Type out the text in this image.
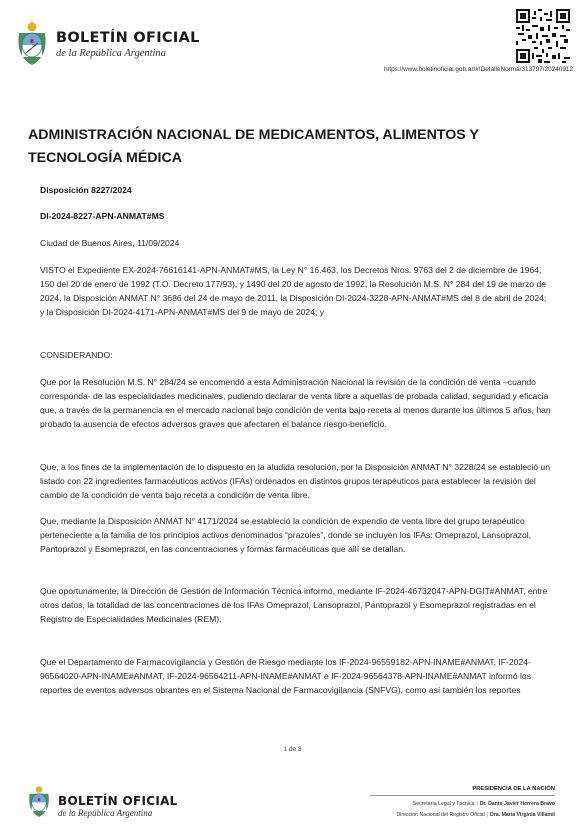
BOLETÍN OFICIAL
de la República Argentina
https://www.boletinoficial.gob.ar/#!DetalleNorma/313797/20240912
ADMINISTRACIÓN NACIONAL DE MEDICAMENTOS, ALIMENTOS Y TECNOLOGÍA MÉDICA
Disposición 8227/2024
DI-2024-8227-APN-ANMAT#MS
Ciudad de Buenos Aires, 11/09/2024
VISTO el Expediente EX-2024-76616141-APN-ANMAT#MS, la Ley N° 16.463, los Decretos Nros. 9763 del 2 de diciembre de 1964, 150 del 20 de enero de 1992 (T.O. Decreto 177/93), y 1490 del 20 de agosto de 1992, la Resolución M.S. N° 284 del 19 de marzo de 2024, la Disposición ANMAT N° 3686 del 24 de mayo de 2011, la Disposición DI-2024-3228-APN-ANMAT#MS del 8 de abril de 2024; y la Disposición DI-2024-4171-APN-ANMAT#MS del 9 de mayo de 2024; y
CONSIDERANDO:
Que por la Resolución M.S. N° 284/24 se encomendó a esta Administración Nacional la revisión de la condición de venta –cuando corresponda- de las especialidades medicinales, pudiendo declarar de venta libre a aquellas de probada calidad, seguridad y eficacia que, a través de la permanencia en el mercado nacional bajo condición de venta bajo receta al menos durante los últimos 5 años, han probado la ausencia de efectos adversos graves que afectaren el balance riesgo-beneficio.
Que, a los fines de la implementación de lo dispuesto en la aludida resolución, por la Disposición ANMAT N° 3228/24 se estableció un listado con 22 ingredientes farmacéuticos activos (IFAs) ordenados en distintos grupos terapéuticos para establecer la revisión del cambio de la condición de venta bajo receta a condición de venta libre.
Que, mediante la Disposición ANMAT N° 4171/2024 se estableció la condición de expendio de venta libre del grupo terapéutico perteneciente a la familia de los principios activos denominados “prazoles”, donde se incluyen los IFAs: Omeprazol, Lansoprazol, Pantoprazol y Esomeprazol, en las concentraciones y formas farmacéuticas que allí se detallan.
Que oportunamente, la Dirección de Gestión de Información Técnica informó, mediante IF-2024-46732047-APN-DGIT#ANMAT, entre otros datos, la totalidad de las concentraciones de los IFAs Omeprazol, Lansoprazol, Pantoprazol y Esomeprazol registradas en el Registro de Especialidades Medicinales (REM).
Que el Departamento de Farmacovigilancia y Gestión de Riesgo mediante los IF-2024-96559182-APN-INAME#ANMAT, IF-2024-96564020-APN-INAME#ANMAT, IF-2024-96564211-APN-INAME#ANMAT e IF-2024-96564378-APN-INAME#ANMAT informó los reportes de eventos adversos obrantes en el Sistema Nacional de Farmacovigilancia (SNFVG), como así también los reportes
1 de 3
BOLETÍN OFICIAL
de la República Argentina
PRESIDENCIA DE LA NACIÓN
Secretaría Legal y Técnica | Dr. Dante Javier Herrera Bravo
Dirección Nacional del Registro Oficial | Dra. María Virginia Villamil
